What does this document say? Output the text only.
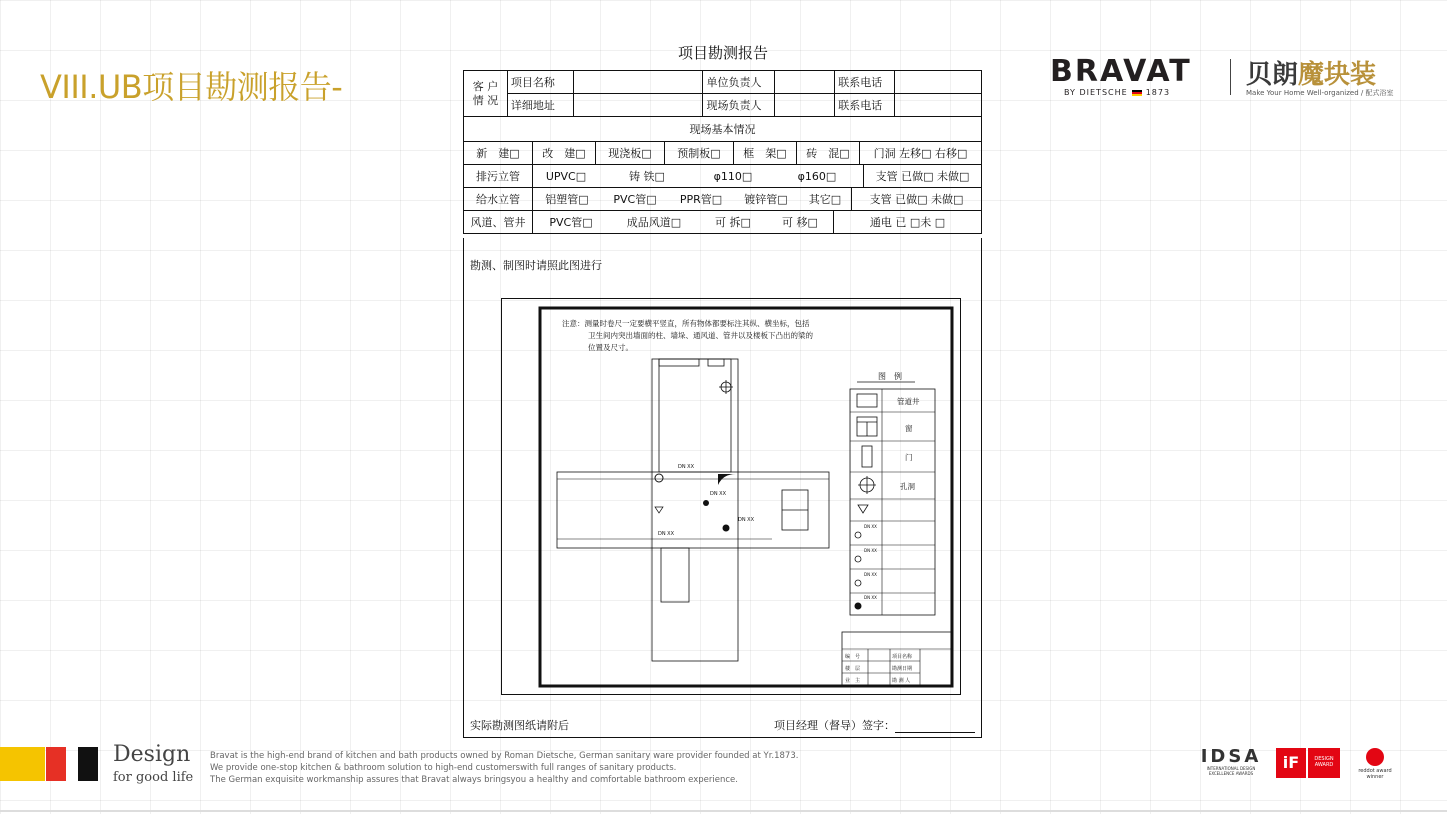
VIII.UB项目勘测报告-	BRAVAT
BY DIETSCHE 1873
贝朗魔块装
Make Your Home Well-organized / 配式浴室
项目勘测报告
客 户 情 况	项目名称		单位负责人		联系电话	
详细地址		现场负责人		联系电话	
现场基本情况

新　建□	改　建□	现浇板□	预制板□	框　架□	砖　混□	门洞 左移□ 右移□

排污立管	UPVC□	铸 铁□	φ110□	φ160□	支管 已做□ 未做□

给水立管	铝塑管□	PVC管□	PPR管□	镀锌管□	其它□	支管 已做□ 未做□

风道、管井	PVC管□	成品风道□	可 拆□	可 移□	通电 已 □未 □
勘测、制图时请照此图进行
注意：测量时卷尺一定要横平竖直，所有物体都要标注其纵、横坐标，包括
卫生间内突出墙面的柱、墙垛、通风道、管井以及楼板下凸出的梁的
位置及尺寸。
DN XX
DN XX
DN XX
DN XX
图　例
管道井
窗
门
孔洞
DN XX
DN XX
DN XX
DN XX
编　号	项目名称
楼　层	勘测日期
业　主	勘 测 人
实际勘测图纸请附后	项目经理（督导）签字：
Design
for good life
Bravat is the high-end brand of kitchen and bath products owned by Roman Dietsche, German sanitary ware provider founded at Yr.1873.
We provide one-stop kitchen & bathroom solution to high-end customerswith full ranges of sanitary products.
The German exquisite workmanship assures that Bravat always bringsyou a healthy and comfortable bathroom experience.
IDSA
INTERNATIONAL DESIGN EXCELLENCE AWARDS
iF	DESIGN AWARD
reddot award winner
